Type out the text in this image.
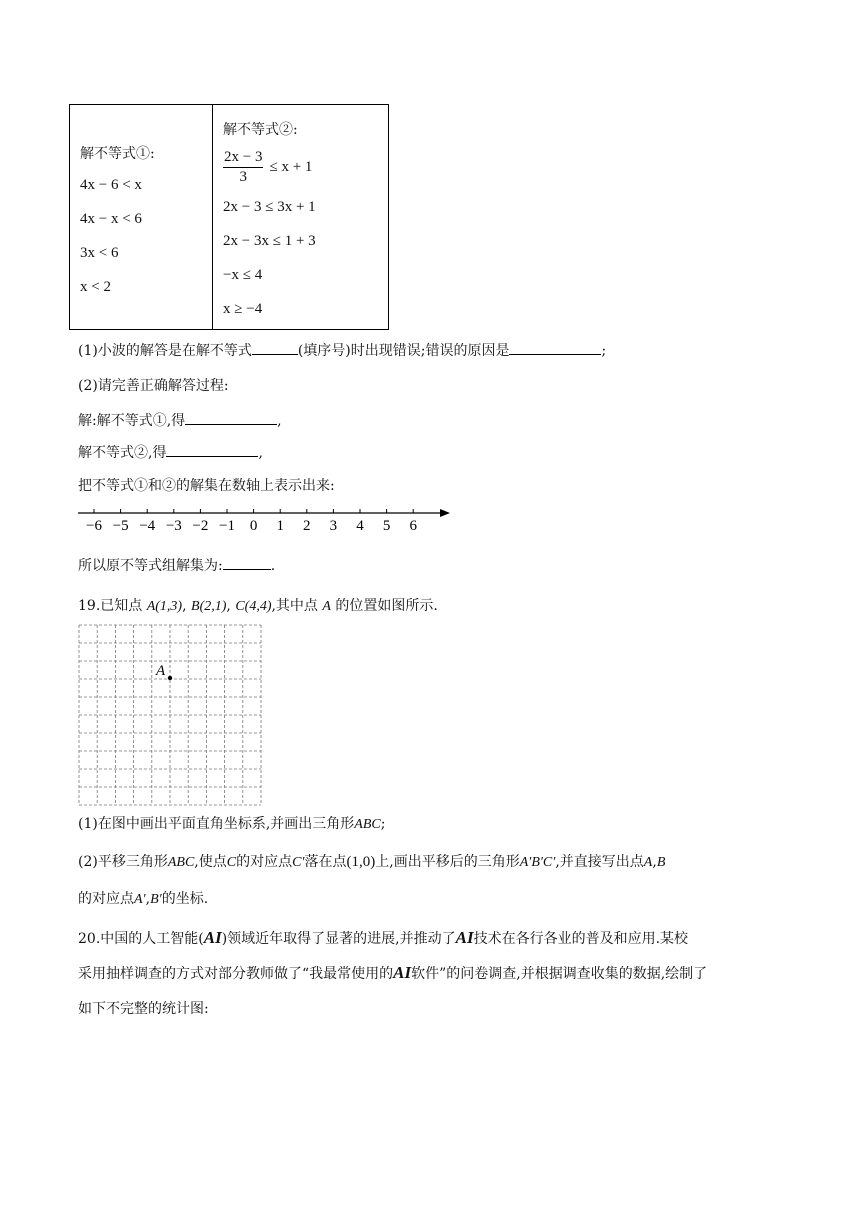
解不等式①:
4x − 6 < x
4x − x < 6
3x < 6
x < 2

解不等式②:
$\frac{2x - 3}{3} \le x + 1$
2x − 3 ≤ 3x + 1
2x − 3x ≤ 1 + 3
−x ≤ 4
x ≥ −4
(1)小波的解答是在解不等式	(填序号)时出现错误;错误的原因是	;
(2)请完善正确解答过程:
解:解不等式①,得	,
解不等式②,得	,
把不等式①和②的解集在数轴上表示出来:
−6 −5 −4 −3 −2 −1 0 1 2 3 4 5 6
所以原不等式组解集为:	.
19.已知点 A(1,3), B(2,1), C(4,4),其中点 A 的位置如图所示.
A
(1)在图中画出平面直角坐标系,并画出三角形ABC;
(2)平移三角形ABC,使点C的对应点C′落在点(1,0)上,画出平移后的三角形A′B′C′,并直接写出点A,B
的对应点A′,B′的坐标.
20.中国的人工智能(AI)领域近年取得了显著的进展,并推动了AI技术在各行各业的普及和应用.某校
采用抽样调查的方式对部分教师做了“我最常使用的AI软件”的问卷调查,并根据调查收集的数据,绘制了
如下不完整的统计图:
